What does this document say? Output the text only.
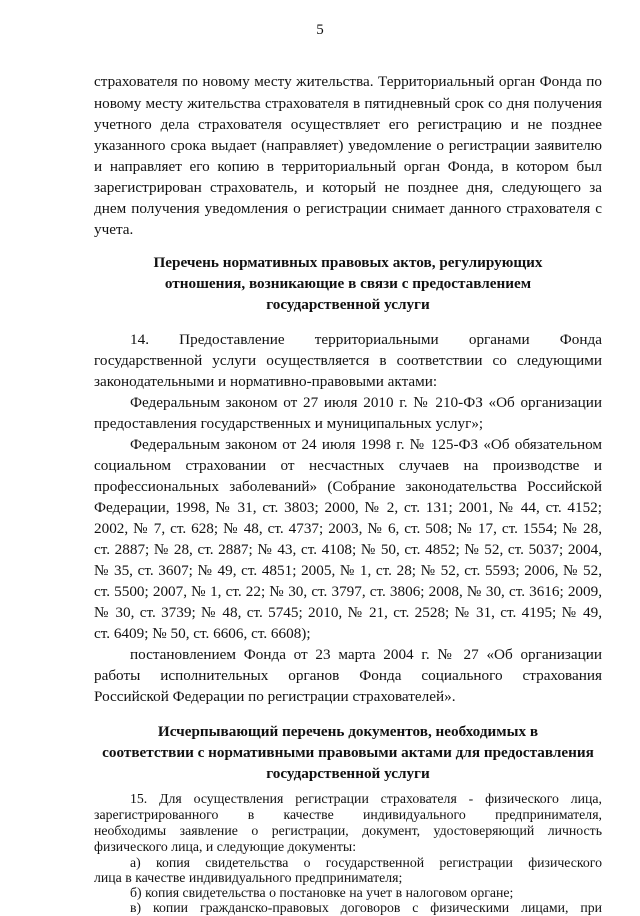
5
страхователя по новому месту жительства. Территориальный орган Фонда по
новому месту жительства страхователя в пятидневный срок со дня получения
учетного дела страхователя осуществляет его регистрацию и не позднее
указанного срока выдает (направляет) уведомление о регистрации заявителю
и направляет его копию в территориальный орган Фонда, в котором был
зарегистрирован страхователь, и который не позднее дня, следующего за
днем получения уведомления о регистрации снимает данного страхователя с
учета.
Перечень нормативных правовых актов, регулирующих
отношения, возникающие в связи с предоставлением
государственной услуги
14. Предоставление территориальными органами Фонда
государственной услуги осуществляется в соответствии со следующими
законодательными и нормативно-правовыми актами:
Федеральным законом от 27 июля 2010 г. № 210-ФЗ «Об организации
предоставления государственных и муниципальных услуг»;
Федеральным законом от 24 июля 1998 г. № 125-ФЗ «Об обязательном
социальном страховании от несчастных случаев на производстве и
профессиональных заболеваний» (Собрание законодательства Российской
Федерации, 1998, № 31, ст. 3803; 2000, № 2, ст. 131; 2001, № 44, ст. 4152;
2002, № 7, ст. 628; № 48, ст. 4737; 2003, № 6, ст. 508; № 17, ст. 1554; № 28,
ст. 2887; № 28, ст. 2887; № 43, ст. 4108; № 50, ст. 4852; № 52, ст. 5037; 2004,
№ 35, ст. 3607; № 49, ст. 4851; 2005, № 1, ст. 28; № 52, ст. 5593; 2006, № 52,
ст. 5500; 2007, № 1, ст. 22; № 30, ст. 3797, ст. 3806; 2008, № 30, ст. 3616; 2009,
№ 30, ст. 3739; № 48, ст. 5745; 2010, № 21, ст. 2528; № 31, ст. 4195; № 49,
ст. 6409; № 50, ст. 6606, ст. 6608);
постановлением Фонда от 23 марта 2004 г. № 27 «Об организации
работы исполнительных органов Фонда социального страхования
Российской Федерации по регистрации страхователей».
Исчерпывающий перечень документов, необходимых в
соответствии с нормативными правовыми актами для предоставления
государственной услуги
15. Для осуществления регистрации страхователя - физического лица,
зарегистрированного в качестве индивидуального предпринимателя,
необходимы заявление о регистрации, документ, удостоверяющий личность
физического лица, и следующие документы:
а) копия свидетельства о государственной регистрации физического
лица в качестве индивидуального предпринимателя;
б) копия свидетельства о постановке на учет в налоговом органе;
в) копии гражданско-правовых договоров с физическими лицами, при
